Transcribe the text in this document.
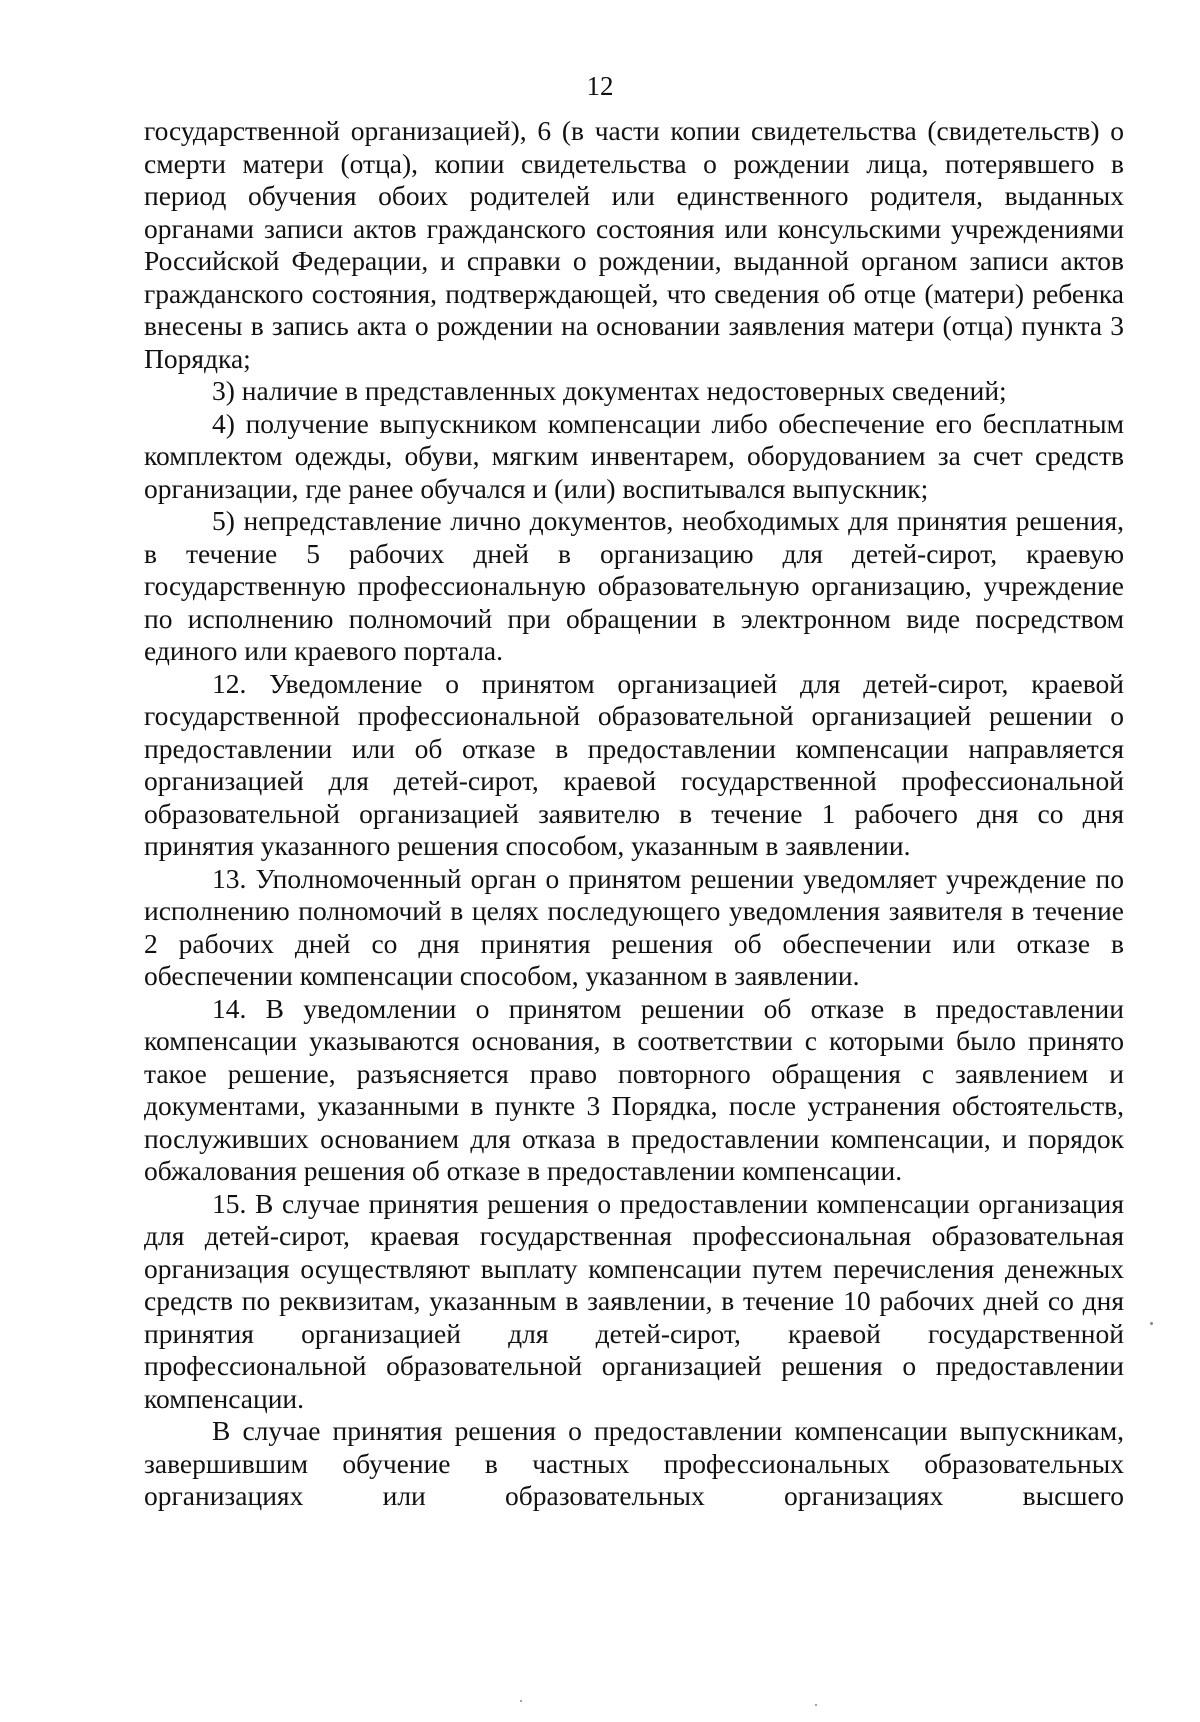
12

государственной организацией), 6 (в части копии свидетельства (свидетельств) о смерти матери (отца), копии свидетельства о рождении лица, потерявшего в период обучения обоих родителей или единственного родителя, выданных органами записи актов гражданского состояния или консульскими учреждениями Российской Федерации, и справки о рождении, выданной органом записи актов гражданского состояния, подтверждающей, что сведения об отце (матери) ребенка внесены в запись акта о рождении на основании заявления матери (отца) пункта 3 Порядка;

3) наличие в представленных документах недостоверных сведений;

4) получение выпускником компенсации либо обеспечение его бесплатным комплектом одежды, обуви, мягким инвентарем, оборудованием за счет средств организации, где ранее обучался и (или) воспитывался выпускник;

5) непредставление лично документов, необходимых для принятия решения, в течение 5 рабочих дней в организацию для детей-сирот, краевую государственную профессиональную образовательную организацию, учреждение по исполнению полномочий при обращении в электронном виде посредством единого или краевого портала.

12. Уведомление о принятом организацией для детей-сирот, краевой государственной профессиональной образовательной организацией решении о предоставлении или об отказе в предоставлении компенсации направляется организацией для детей-сирот, краевой государственной профессиональной образовательной организацией заявителю в течение 1 рабочего дня со дня принятия указанного решения способом, указанным в заявлении.

13. Уполномоченный орган о принятом решении уведомляет учреждение по исполнению полномочий в целях последующего уведомления заявителя в течение 2 рабочих дней со дня принятия решения об обеспечении или отказе в обеспечении компенсации способом, указанном в заявлении.

14. В уведомлении о принятом решении об отказе в предоставлении компенсации указываются основания, в соответствии с которыми было принято такое решение, разъясняется право повторного обращения с заявлением и документами, указанными в пункте 3 Порядка, после устранения обстоятельств, послуживших основанием для отказа в предоставлении компенсации, и порядок обжалования решения об отказе в предоставлении компенсации.

15. В случае принятия решения о предоставлении компенсации организация для детей-сирот, краевая государственная профессиональная образовательная организация осуществляют выплату компенсации путем перечисления денежных средств по реквизитам, указанным в заявлении, в течение 10 рабочих дней со дня принятия организацией для детей-сирот, краевой государственной профессиональной образовательной организацией решения о предоставлении компенсации.

В случае принятия решения о предоставлении компенсации выпускникам, завершившим обучение в частных профессиональных образовательных организациях или образовательных организациях высшего
